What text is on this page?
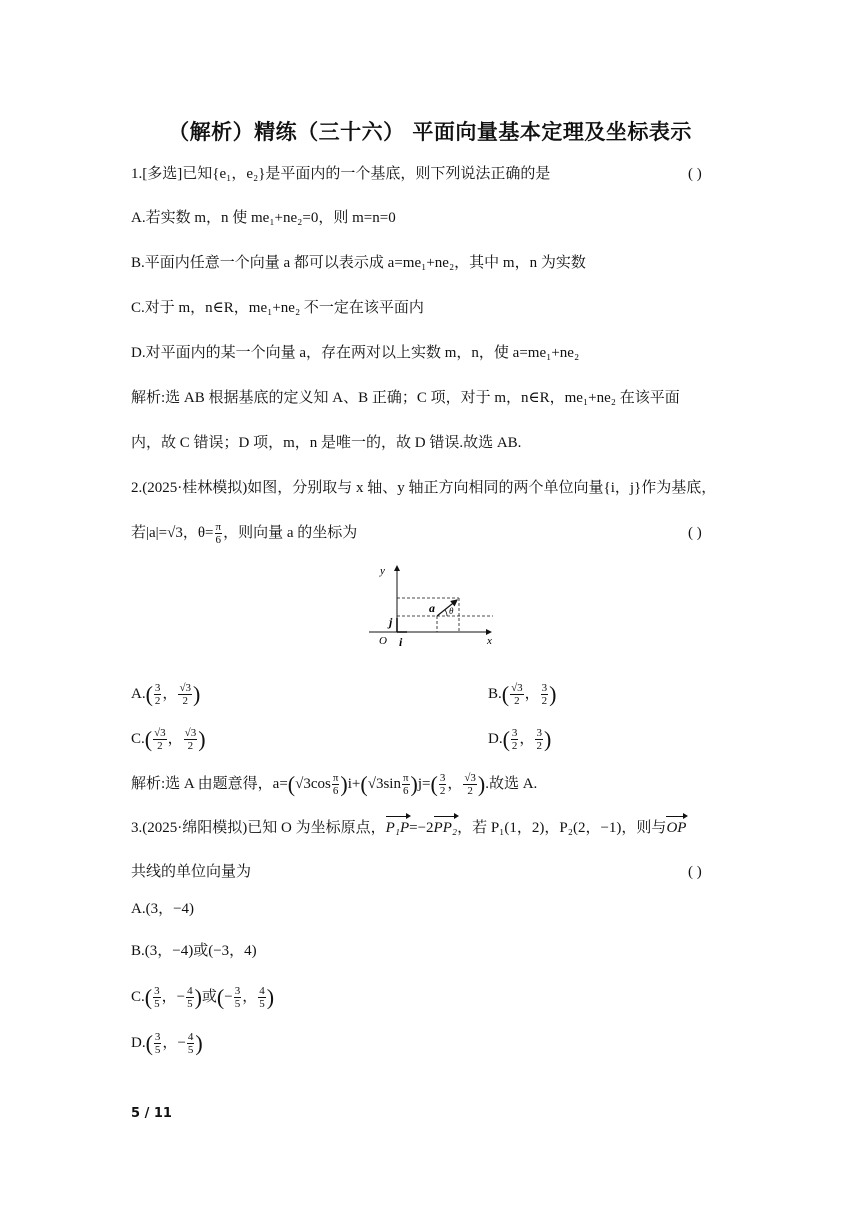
（解析）精练（三十六） 平面向量基本定理及坐标表示
1.[多选]已知{e₁，e₂}是平面内的一个基底，则下列说法正确的是	( )
A.若实数 m，n 使 me₁+ne₂=0，则 m=n=0
B.平面内任意一个向量 a 都可以表示成 a=me₁+ne₂，其中 m，n 为实数
C.对于 m，n∈R，me₁+ne₂ 不一定在该平面内
D.对平面内的某一个向量 a，存在两对以上实数 m，n，使 a=me₁+ne₂
解析:选 AB 根据基底的定义知 A、B 正确；C 项，对于 m，n∈R，me₁+ne₂ 在该平面
内，故 C 错误；D 项，m，n 是唯一的，故 D 错误.故选 AB.
2.(2025·桂林模拟)如图，分别取与 x 轴、y 轴正方向相同的两个单位向量{i，j}作为基底，
若|a|=√3，$\theta= \frac{\pi}{6}$ ，则向量 a 的坐标为	( )
y
x
j
i
O
a θ
$A.( \frac{3}{2}$ ， $\frac{√3}{2}$ )	$B.( \frac{√3}{2}$ ， $\frac{3}{2}$ )
$C.( \frac{√3}{2}$ ， $\frac{√3}{2}$ )	$D.( \frac{3}{2}$ ， $\frac{3}{2}$ )
解析:选 A 由题意得，$a=(√3\cos \frac{\pi}{6} )i+(√3\sin \frac{\pi}{6} )j=( \frac{3}{2}$ ， $\frac{√3}{2}$ ).故选 A.
3.(2025·绵阳模拟)已知 O 为坐标原点，P₁P=−2PP₂，若 P₁(1，2)，P₂(2，−1)，则与OP
共线的单位向量为	( )
A.(3，−4)
B.(3，−4)或(−3，4)
$C.( \frac{3}{5}$ ，− $\frac{4}{5}$ )或(− $\frac{3}{5}$ ， $\frac{4}{5}$ )
$D.( \frac{3}{5}$ ，− $\frac{4}{5}$ )
5 / 11
